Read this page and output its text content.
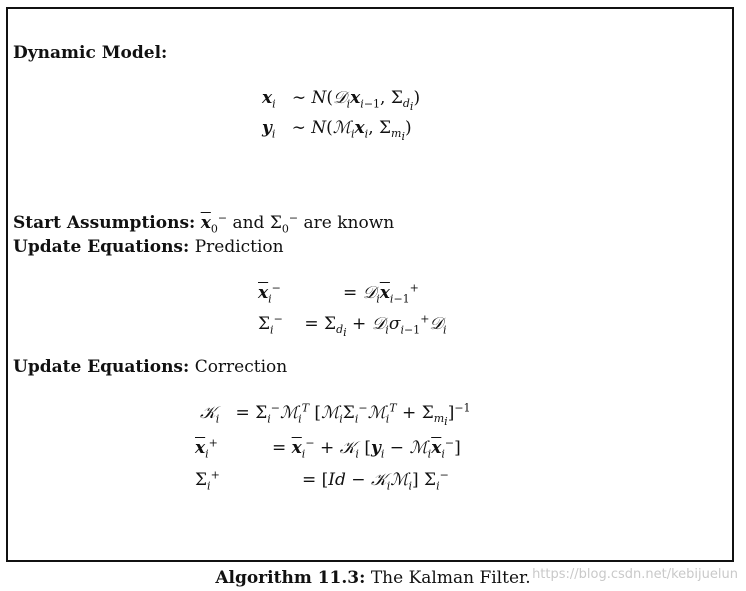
Dynamic Model:
$x_i$   ∼ $N(𝒟_ix_{i-1}$, $\Sigma_{d_i}$)
$y_i$   ∼ $N(ℳ_ix_i$, $\Sigma_{m_i}$)
Start Assumptions: $\overline{x}_0^-$ and $\Sigma_0^-$ are known
Update Equations: Prediction
$\overline{x}_i^-$	= $𝒟_i\overline{x}_{i-1}^+$
$\Sigma_i^-$    = $\Sigma_{d_i}$ + $𝒟_i\sigma_{i-1}^+𝒟_i$
Update Equations: Correction
𝒦$_i$   = $\Sigma_i^-ℳ_i^T$ $[ℳ_i\Sigma_i^-ℳ_i^T + \Sigma_{m_i}]^{-1}$
$\overline{x}_i^+$	= $\overline{x}_i^-$ + 𝒦$_i$ [$y_i$ − $ℳ_i\overline{x}_i^-$]
$\Sigma_i^+$	= [Id − 𝒦$_i$ℳ$_i$] $\Sigma_i^-$
Algorithm 11.3: The Kalman Filter. https://blog.csdn.net/kebijuelun
